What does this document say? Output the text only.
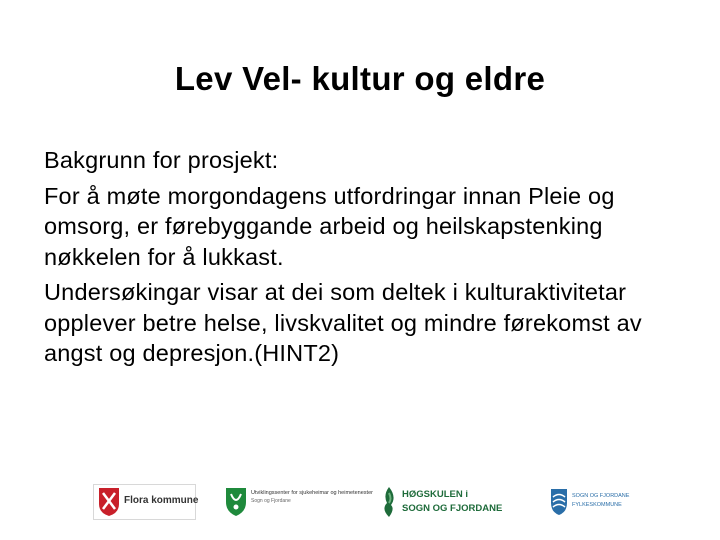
Lev Vel- kultur og eldre

Bakgrunn for prosjekt:

For å møte morgondagens utfordringar innan Pleie og omsorg, er førebyggande arbeid og heilskapstenking nøkkelen for å lukkast.

Undersøkingar visar at dei som deltek i kulturaktivitetar opplever betre helse, livskvalitet og mindre førekomst av angst og depresjon.(HINT2)

Flora kommune
Utviklingssenter for sjukeheimar og heimetenester
Sogn og Fjordane
HØGSKULEN i
SOGN OG FJORDANE
SOGN OG FJORDANE
FYLKESKOMMUNE
